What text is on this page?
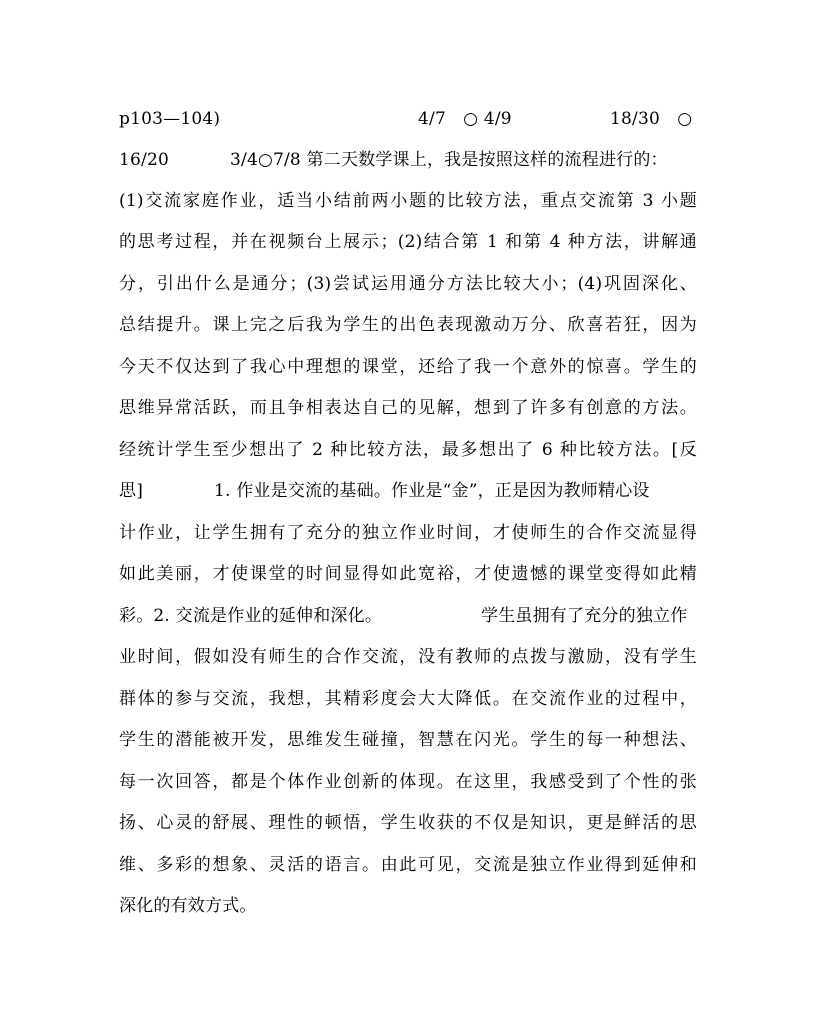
p103—104)	4/7　○ 4/9	18/30　○
16/20	3/4○7/8 第二天数学课上，我是按照这样的流程进行的：
(1)交流家庭作业，适当小结前两小题的比较方法，重点交流第 3 小题
的思考过程，并在视频台上展示；(2)结合第 1 和第 4 种方法，讲解通
分，引出什么是通分；(3)尝试运用通分方法比较大小；(4)巩固深化、
总结提升。课上完之后我为学生的出色表现激动万分、欣喜若狂，因为
今天不仅达到了我心中理想的课堂，还给了我一个意外的惊喜。学生的
思维异常活跃，而且争相表达自己的见解，想到了许多有创意的方法。
经统计学生至少想出了 2 种比较方法，最多想出了 6 种比较方法。[反
思]	1. 作业是交流的基础。作业是“金”，正是因为教师精心设
计作业，让学生拥有了充分的独立作业时间，才使师生的合作交流显得
如此美丽，才使课堂的时间显得如此宽裕，才使遗憾的课堂变得如此精
彩。2. 交流是作业的延伸和深化。	学生虽拥有了充分的独立作
业时间，假如没有师生的合作交流，没有教师的点拨与激励，没有学生
群体的参与交流，我想，其精彩度会大大降低。在交流作业的过程中，
学生的潜能被开发，思维发生碰撞，智慧在闪光。学生的每一种想法、
每一次回答，都是个体作业创新的体现。在这里，我感受到了个性的张
扬、心灵的舒展、理性的顿悟，学生收获的不仅是知识，更是鲜活的思
维、多彩的想象、灵活的语言。由此可见，交流是独立作业得到延伸和
深化的有效方式。
